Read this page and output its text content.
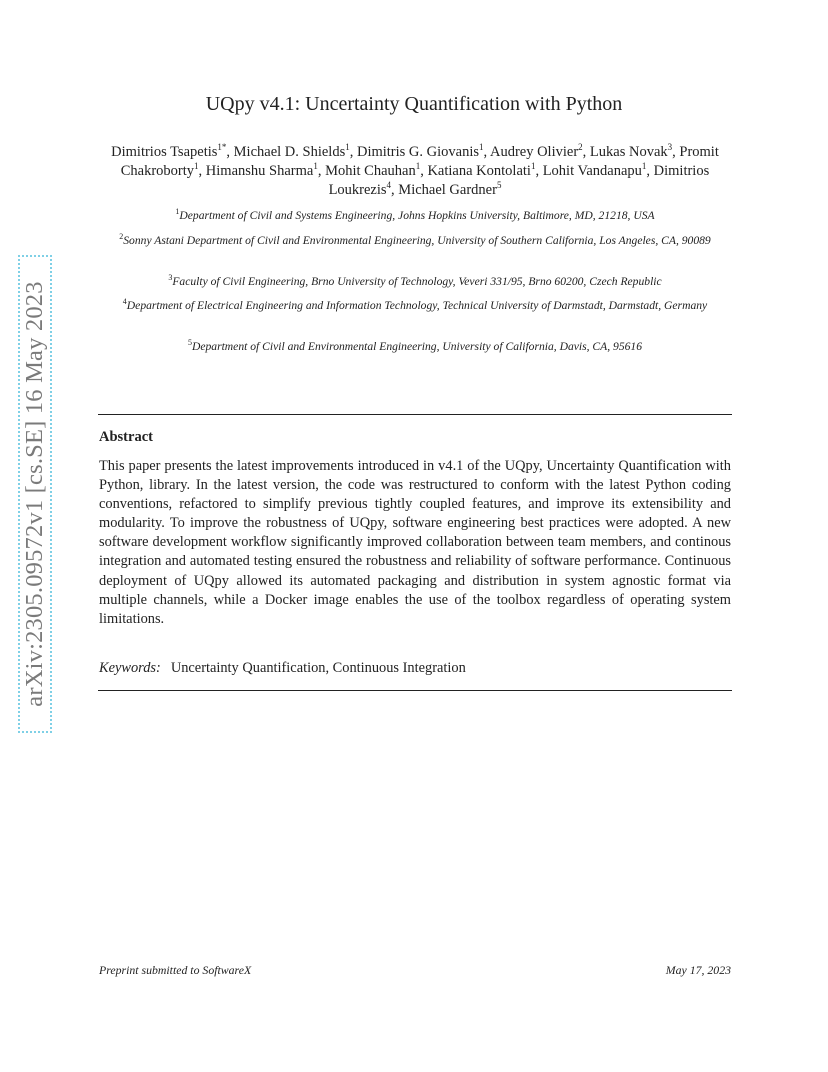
arXiv:2305.09572v1 [cs.SE] 16 May 2023
UQpy v4.1: Uncertainty Quantification with Python
Dimitrios Tsapetis$^{1*}$, Michael D. Shields$^1$, Dimitris G. Giovanis$^1$, Audrey Olivier$^2$, Lukas Novak$^3$, Promit Chakroborty$^1$, Himanshu Sharma$^1$, Mohit Chauhan$^1$, Katiana Kontolati$^1$, Lohit Vandanapu$^1$, Dimitrios Loukrezis$^4$, Michael Gardner$^5$
$^1$Department of Civil and Systems Engineering, Johns Hopkins University, Baltimore, MD, 21218, USA
$^2$Sonny Astani Department of Civil and Environmental Engineering, University of Southern California, Los Angeles, CA, 90089
$^3$Faculty of Civil Engineering, Brno University of Technology, Veveri 331/95, Brno 60200, Czech Republic
$^4$Department of Electrical Engineering and Information Technology, Technical University of Darmstadt, Darmstadt, Germany
$^5$Department of Civil and Environmental Engineering, University of California, Davis, CA, 95616
Abstract
This paper presents the latest improvements introduced in v4.1 of the UQpy, Uncertainty Quantification with Python, library. In the latest version, the code was restructured to conform with the latest Python coding conventions, refactored to simplify previous tightly coupled features, and improve its extensibility and modularity. To improve the robustness of UQpy, software engineering best practices were adopted. A new software development workflow significantly improved collaboration between team members, and continous integration and automated testing ensured the robustness and reliability of software performance. Continuous deployment of UQpy allowed its automated packaging and distribution in system agnostic format via multiple channels, while a Docker image enables the use of the toolbox regardless of operating system limitations.
Keywords: Uncertainty Quantification, Continuous Integration
Preprint submitted to SoftwareX	May 17, 2023
